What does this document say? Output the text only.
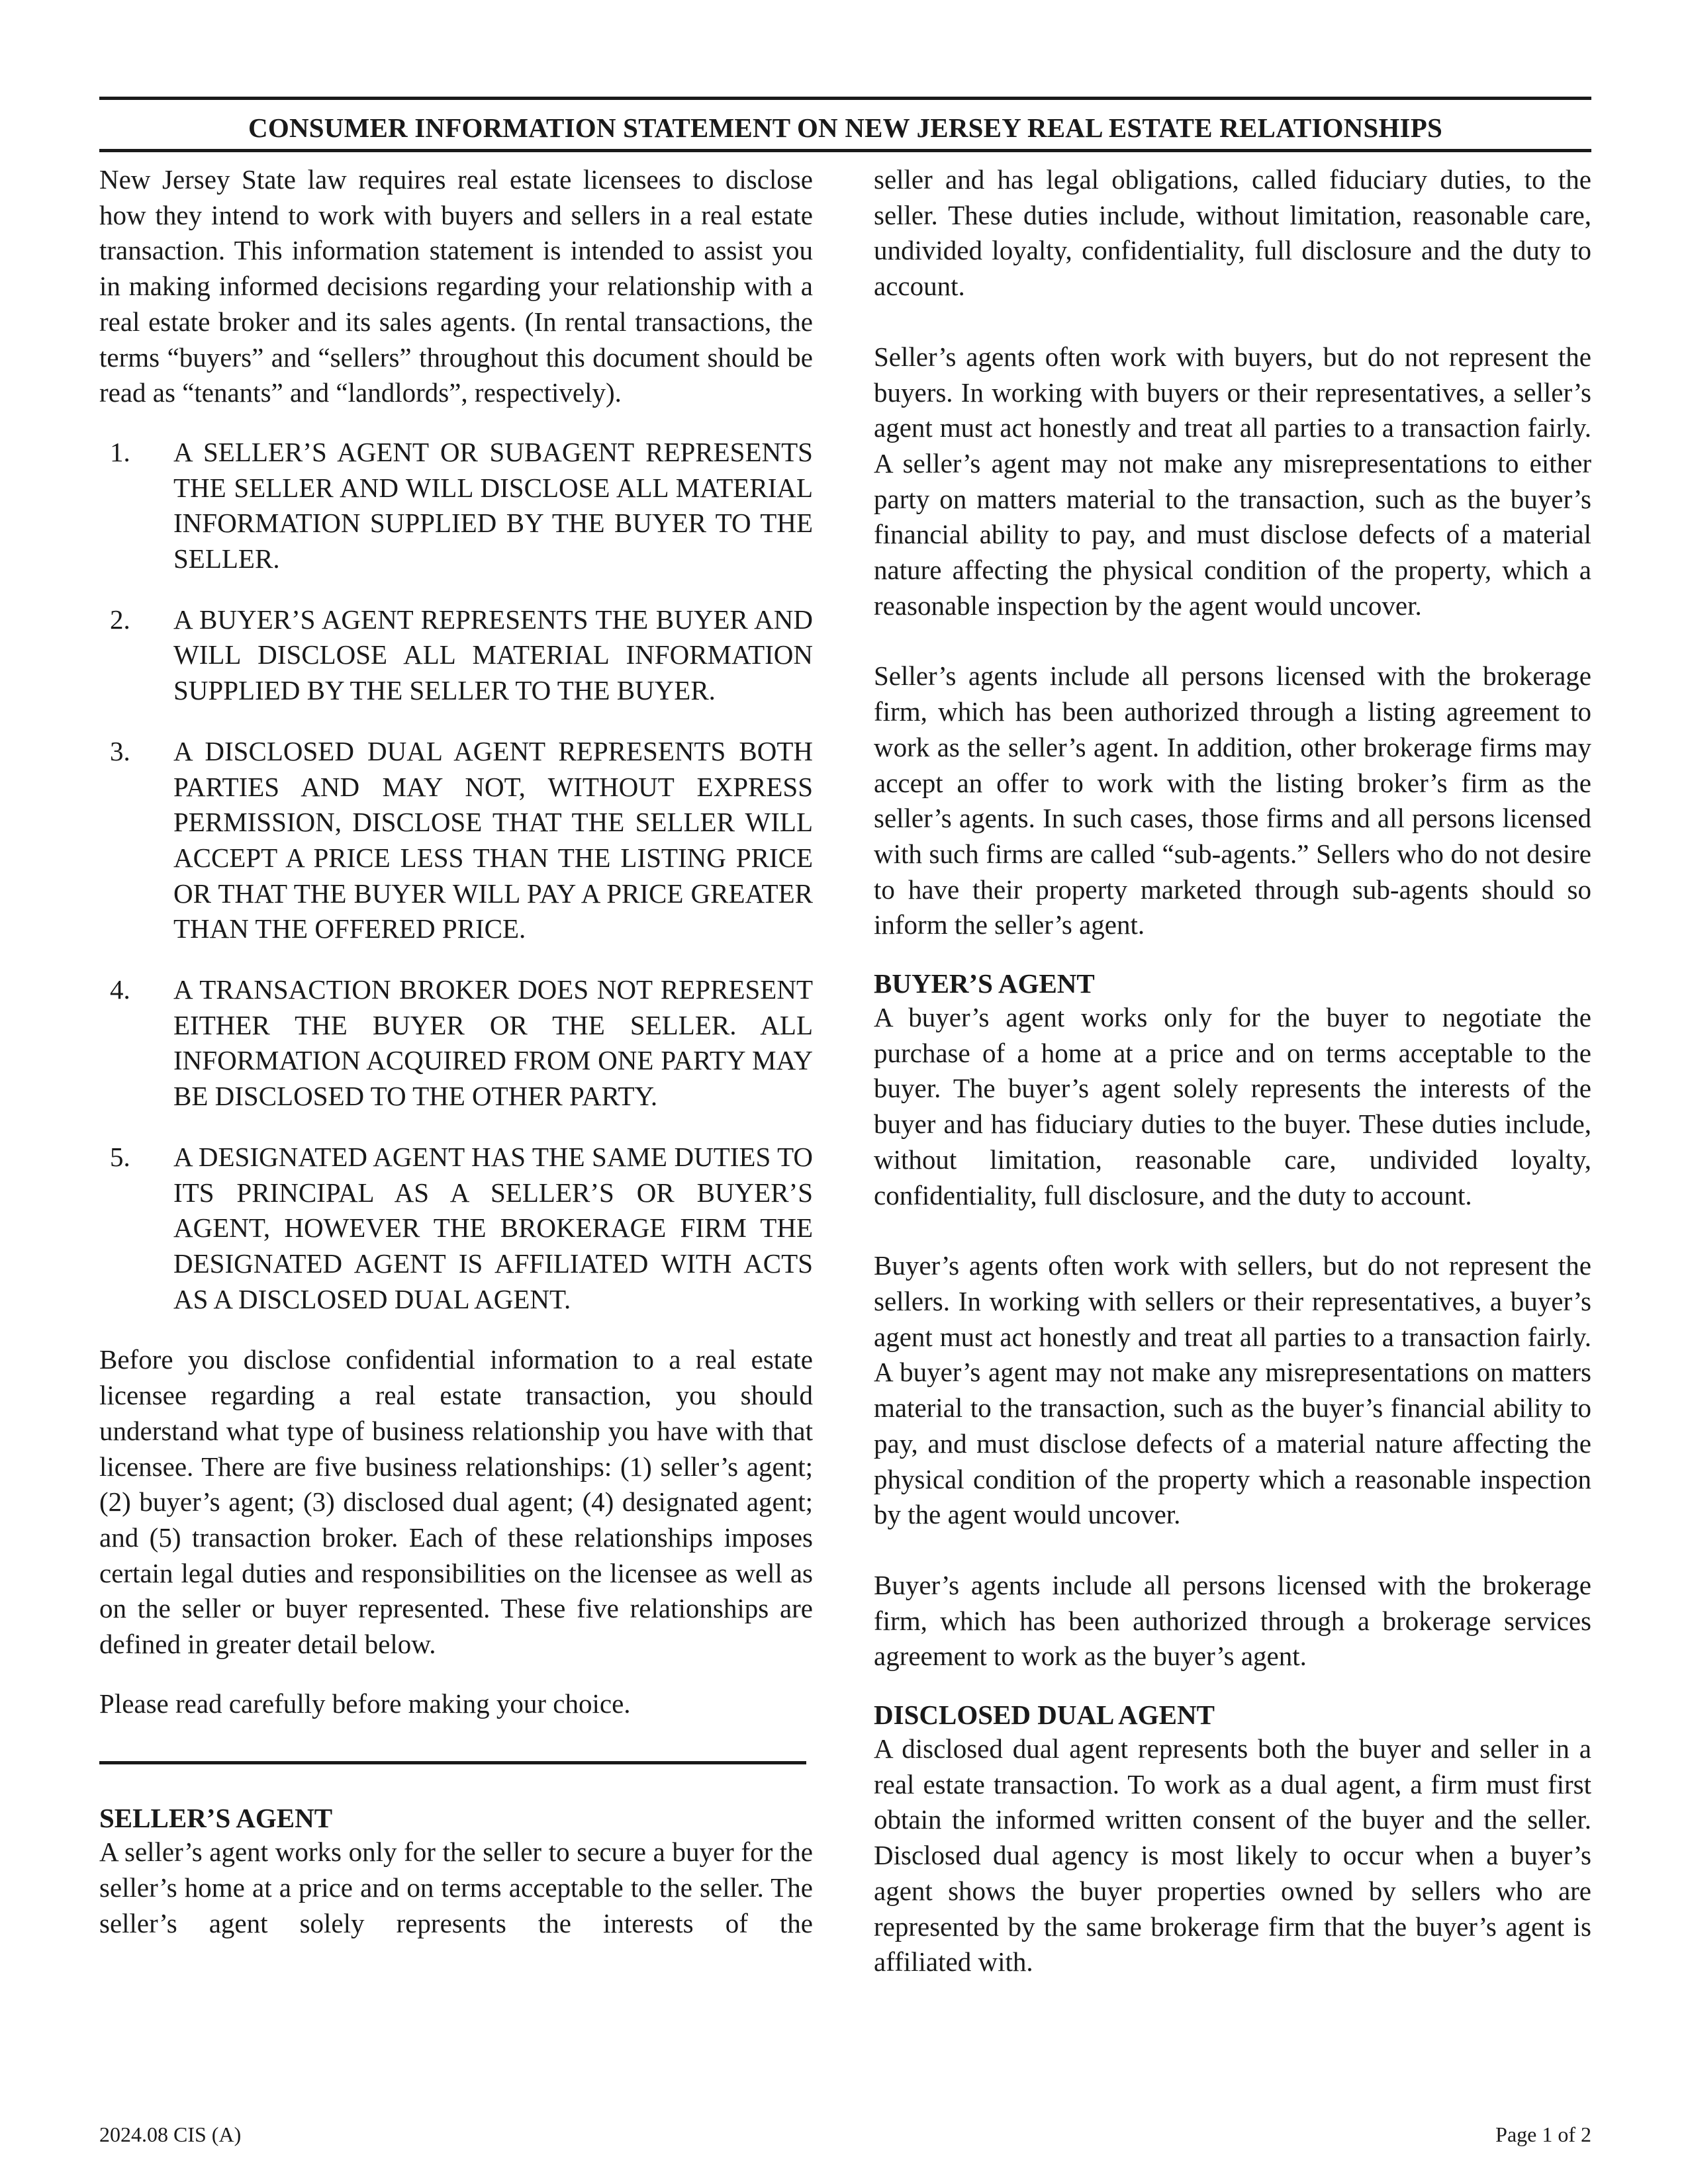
CONSUMER INFORMATION STATEMENT ON NEW JERSEY REAL ESTATE RELATIONSHIPS

New Jersey State law requires real estate licensees to disclose how they intend to work with buyers and sellers in a real estate transaction. This information statement is intended to assist you in making informed decisions regarding your relationship with a real estate broker and its sales agents. (In rental transactions, the terms “buyers” and “sellers” throughout this document should be read as “tenants” and “landlords”, respectively).

1.	A SELLER’S AGENT OR SUBAGENT REPRESENTS THE SELLER AND WILL DISCLOSE ALL MATERIAL INFORMATION SUPPLIED BY THE BUYER TO THE SELLER.
2.	A BUYER’S AGENT REPRESENTS THE BUYER AND WILL DISCLOSE ALL MATERIAL INFORMATION SUPPLIED BY THE SELLER TO THE BUYER.
3.	A DISCLOSED DUAL AGENT REPRESENTS BOTH PARTIES AND MAY NOT, WITHOUT EXPRESS PERMISSION, DISCLOSE THAT THE SELLER WILL ACCEPT A PRICE LESS THAN THE LISTING PRICE OR THAT THE BUYER WILL PAY A PRICE GREATER THAN THE OFFERED PRICE.
4.	A TRANSACTION BROKER DOES NOT REPRESENT EITHER THE BUYER OR THE SELLER. ALL INFORMATION ACQUIRED FROM ONE PARTY MAY BE DISCLOSED TO THE OTHER PARTY.
5.	A DESIGNATED AGENT HAS THE SAME DUTIES TO ITS PRINCIPAL AS A SELLER’S OR BUYER’S AGENT, HOWEVER THE BROKERAGE FIRM THE DESIGNATED AGENT IS AFFILIATED WITH ACTS AS A DISCLOSED DUAL AGENT.

Before you disclose confidential information to a real estate licensee regarding a real estate transaction, you should understand what type of business relationship you have with that licensee. There are five business relationships: (1) seller’s agent; (2) buyer’s agent; (3) disclosed dual agent; (4) designated agent; and (5) transaction broker. Each of these relationships imposes certain legal duties and responsibilities on the licensee as well as on the seller or buyer represented. These five relationships are defined in greater detail below.

Please read carefully before making your choice.

SELLER’S AGENT

A seller’s agent works only for the seller to secure a buyer for the seller’s home at a price and on terms acceptable to the seller. The seller’s agent solely represents the interests of the

seller and has legal obligations, called fiduciary duties, to the seller. These duties include, without limitation, reasonable care, undivided loyalty, confidentiality, full disclosure and the duty to account.

Seller’s agents often work with buyers, but do not represent the buyers. In working with buyers or their representatives, a seller’s agent must act honestly and treat all parties to a transaction fairly. A seller’s agent may not make any misrepresentations to either party on matters material to the transaction, such as the buyer’s financial ability to pay, and must disclose defects of a material nature affecting the physical condition of the property, which a reasonable inspection by the agent would uncover.

Seller’s agents include all persons licensed with the brokerage firm, which has been authorized through a listing agreement to work as the seller’s agent. In addition, other brokerage firms may accept an offer to work with the listing broker’s firm as the seller’s agents. In such cases, those firms and all persons licensed with such firms are called “sub-agents.” Sellers who do not desire to have their property marketed through sub-agents should so inform the seller’s agent.

BUYER’S AGENT

A buyer’s agent works only for the buyer to negotiate the purchase of a home at a price and on terms acceptable to the buyer. The buyer’s agent solely represents the interests of the buyer and has fiduciary duties to the buyer. These duties include, without limitation, reasonable care, undivided loyalty, confidentiality, full disclosure, and the duty to account.

Buyer’s agents often work with sellers, but do not represent the sellers. In working with sellers or their representatives, a buyer’s agent must act honestly and treat all parties to a transaction fairly. A buyer’s agent may not make any misrepresentations on matters material to the transaction, such as the buyer’s financial ability to pay, and must disclose defects of a material nature affecting the physical condition of the property which a reasonable inspection by the agent would uncover.

Buyer’s agents include all persons licensed with the brokerage firm, which has been authorized through a brokerage services agreement to work as the buyer’s agent.

DISCLOSED DUAL AGENT

A disclosed dual agent represents both the buyer and seller in a real estate transaction. To work as a dual agent, a firm must first obtain the informed written consent of the buyer and the seller. Disclosed dual agency is most likely to occur when a buyer’s agent shows the buyer properties owned by sellers who are represented by the same brokerage firm that the buyer’s agent is affiliated with.

2024.08 CIS (A)	Page 1 of 2
